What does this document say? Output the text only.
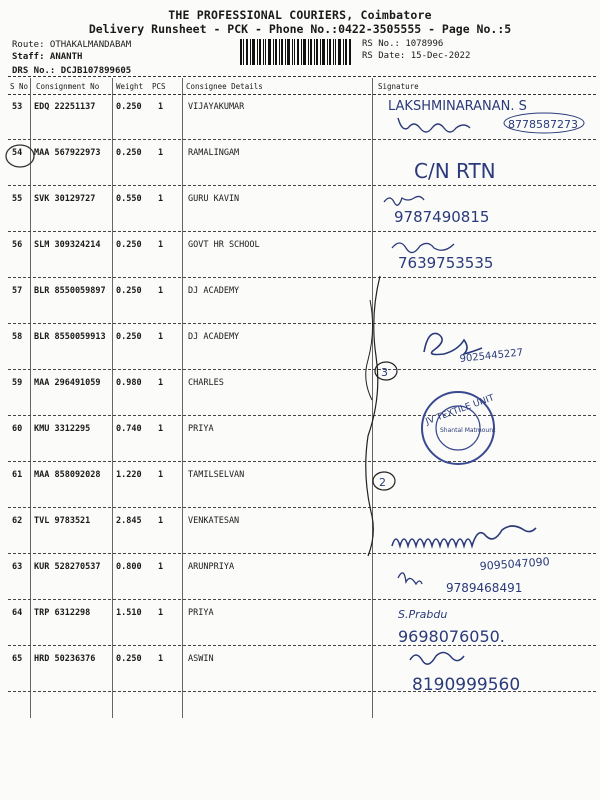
THE PROFESSIONAL COURIERS, Coimbatore
Delivery Runsheet - PCK - Phone No.:0422-3505555 - Page No.:5
Route: OTHAKALMANDABAM
Staff: ANANTH
DRS No.: DCJB107899605
RS No.: 1078996
RS Date: 15-Dec-2022
S No Consignment No Weight PCS	Consignee Details	Signature
53 EDQ 22251137 0.250 1	VIJAYAKUMAR
54 MAA 567922973 0.250 1	RAMALINGAM
55 SVK 30129727 0.550 1	GURU KAVIN
56 SLM 309324214 0.250 1	GOVT HR SCHOOL
57 BLR 8550059897 0.250 1	DJ ACADEMY
58 BLR 8550059913 0.250 1	DJ ACADEMY
59 MAA 296491059 0.980 1	CHARLES
60 KMU 3312295	0.740 1	PRIYA
61 MAA 858092028 1.220 1	TAMILSELVAN
62 TVL 9783521	2.845 1	VENKATESAN
63 KUR 528270537 0.800 1	ARUNPRIYA
64 TRP 6312298	1.510 1	PRIYA
65 HRD 50236376 0.250 1	ASWIN
LAKSHMINARANAN. S
8778587273
C/N RTN
9787490815
7639753535
3
2
9025445227
JV TEXTILE UNIT
Shantal Matmount
9095047090
9789468491
S.Prabdu
9698076050.
8190999560
